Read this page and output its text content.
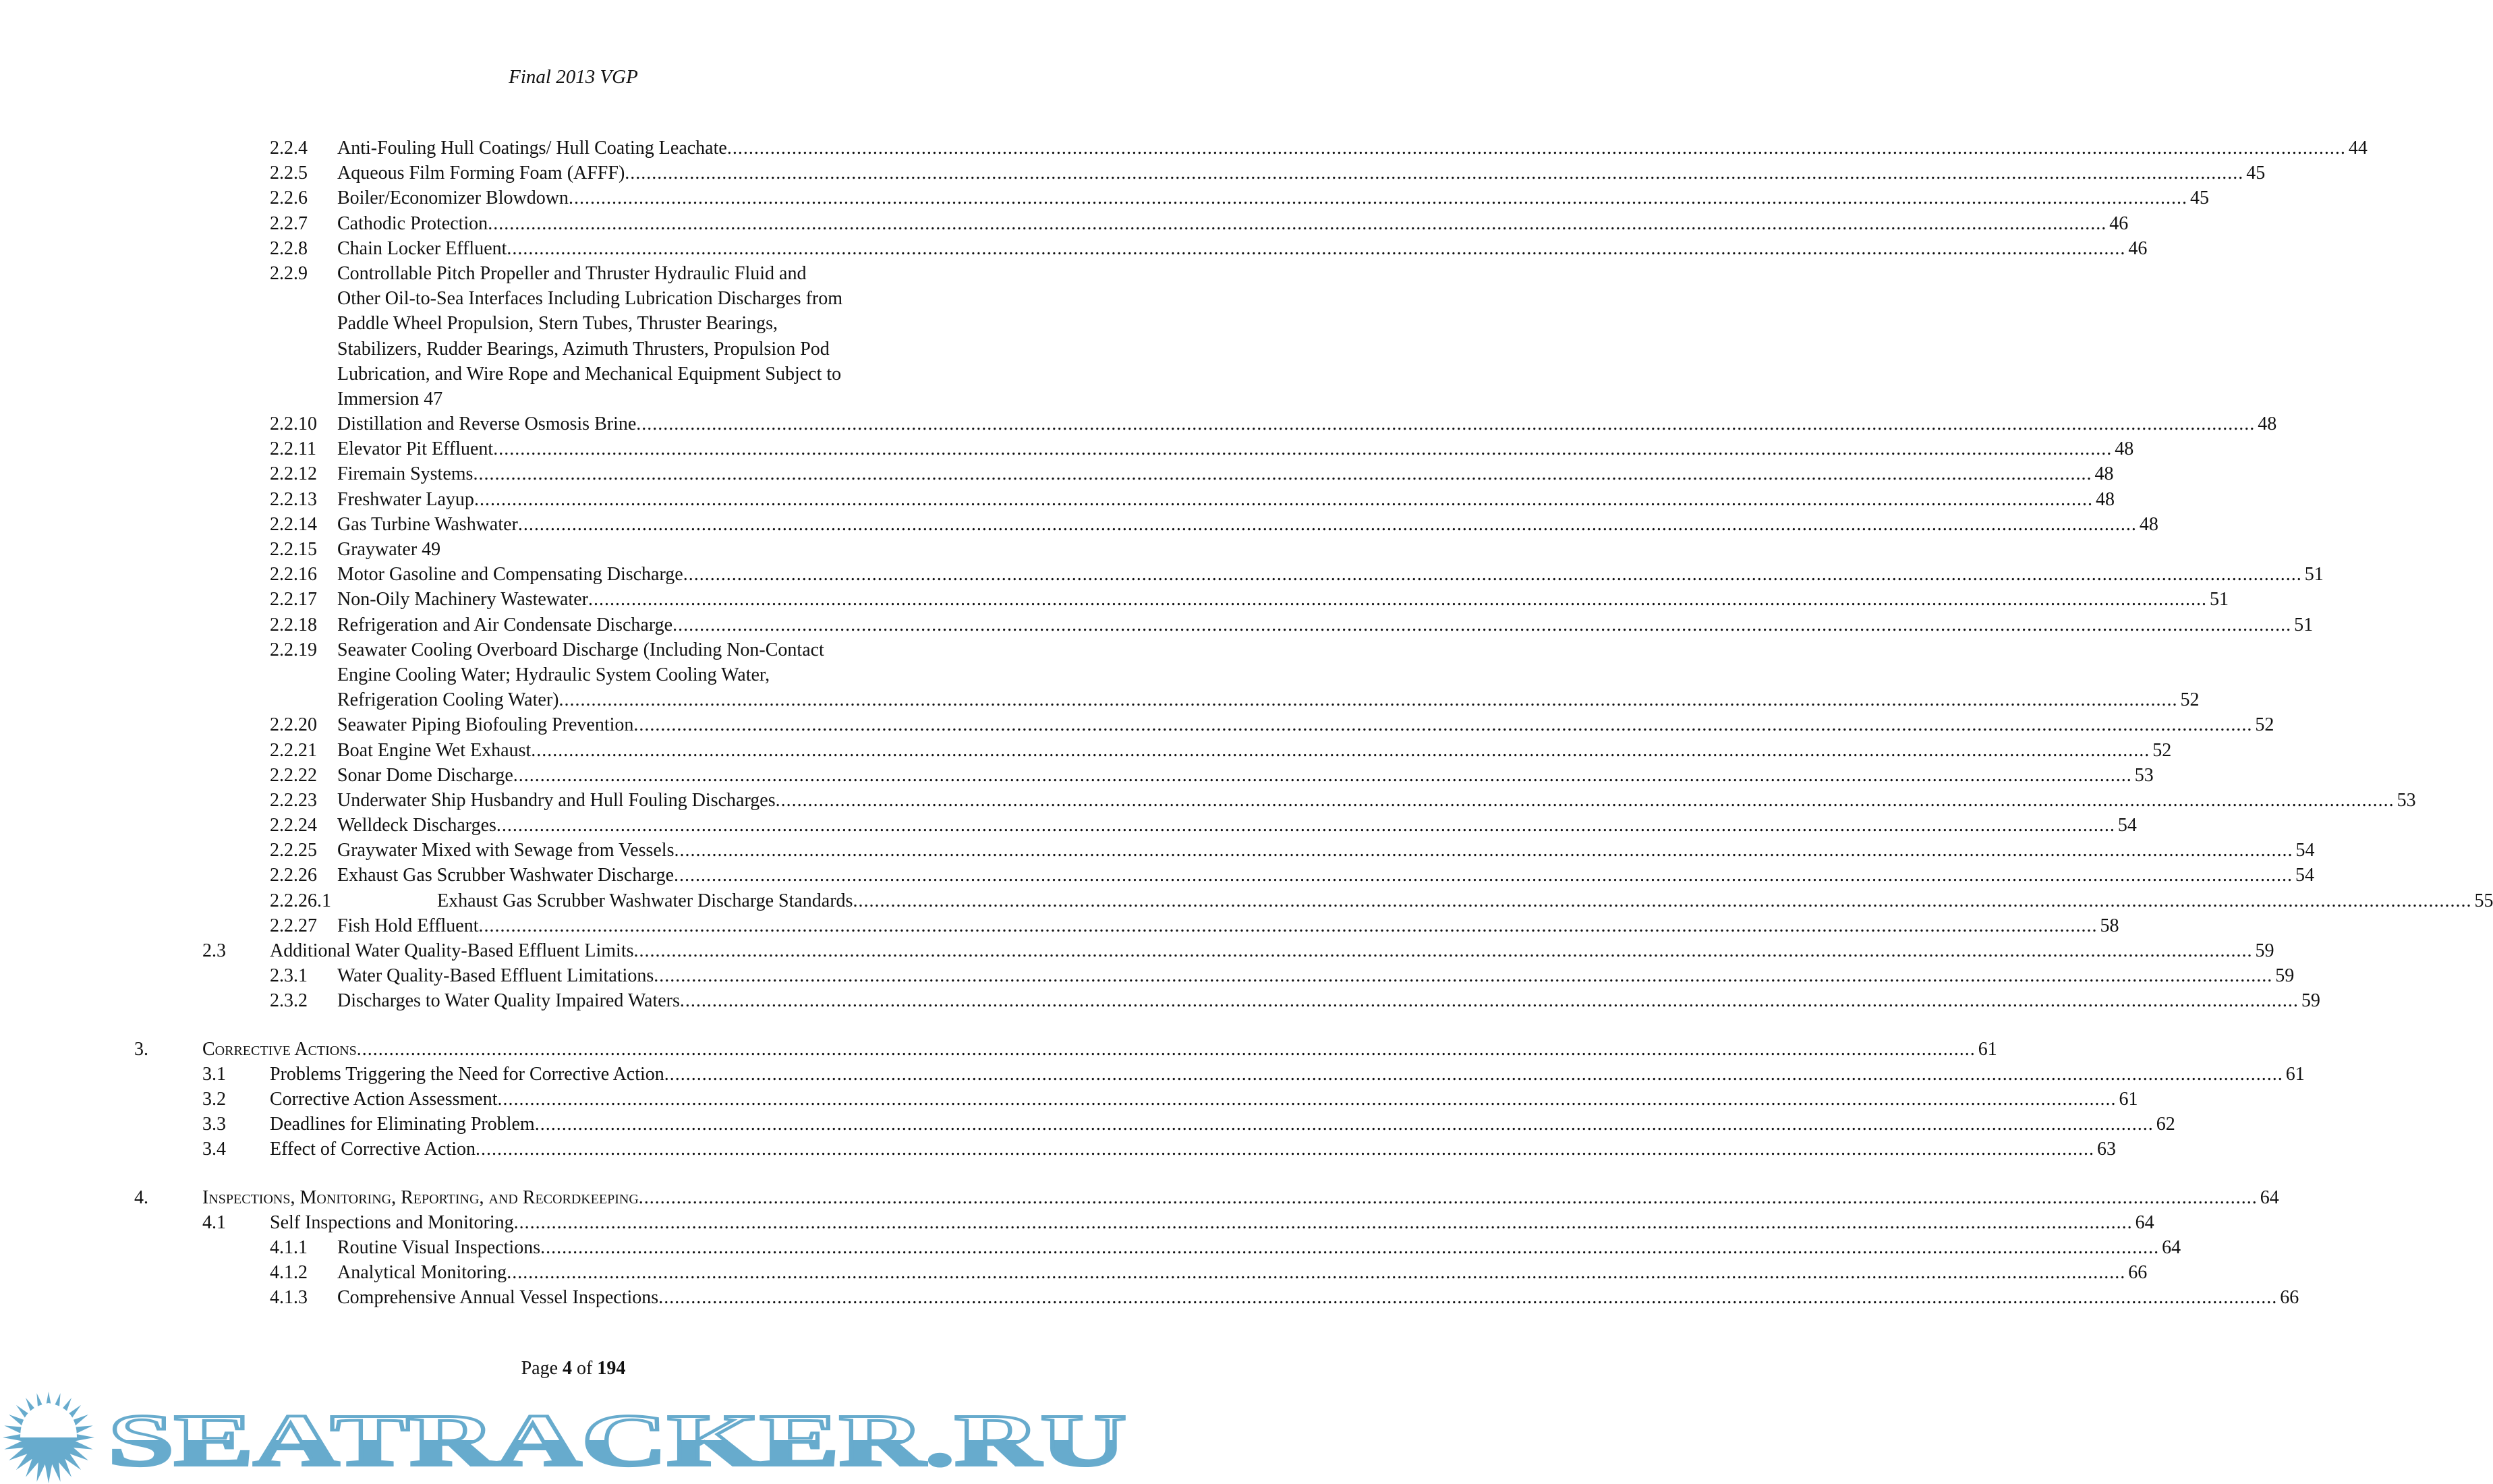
Final 2013 VGP
2.2.4 Anti-Fouling Hull Coatings/ Hull Coating Leachate ............................................................................................................................................................................................................................................................................................................ 44
2.2.5 Aqueous Film Forming Foam (AFFF) ............................................................................................................................................................................................................................................................................................................ 45
2.2.6 Boiler/Economizer Blowdown ............................................................................................................................................................................................................................................................................................................ 45
2.2.7 Cathodic Protection ............................................................................................................................................................................................................................................................................................................ 46
2.2.8 Chain Locker Effluent ............................................................................................................................................................................................................................................................................................................ 46
2.2.9 Controllable Pitch Propeller and Thruster Hydraulic Fluid and
Other Oil-to-Sea Interfaces Including Lubrication Discharges from
Paddle Wheel Propulsion, Stern Tubes, Thruster Bearings,
Stabilizers, Rudder Bearings, Azimuth Thrusters, Propulsion Pod
Lubrication, and Wire Rope and Mechanical Equipment Subject to
Immersion 47
2.2.10 Distillation and Reverse Osmosis Brine ............................................................................................................................................................................................................................................................................................................ 48
2.2.11 Elevator Pit Effluent ............................................................................................................................................................................................................................................................................................................ 48
2.2.12 Firemain Systems ............................................................................................................................................................................................................................................................................................................ 48
2.2.13 Freshwater Layup ............................................................................................................................................................................................................................................................................................................ 48
2.2.14 Gas Turbine Washwater ............................................................................................................................................................................................................................................................................................................ 48
2.2.15 Graywater 49
2.2.16 Motor Gasoline and Compensating Discharge ............................................................................................................................................................................................................................................................................................................ 51
2.2.17 Non-Oily Machinery Wastewater ............................................................................................................................................................................................................................................................................................................ 51
2.2.18 Refrigeration and Air Condensate Discharge ............................................................................................................................................................................................................................................................................................................ 51
2.2.19 Seawater Cooling Overboard Discharge (Including Non-Contact
Engine Cooling Water; Hydraulic System Cooling Water,
Refrigeration Cooling Water) ............................................................................................................................................................................................................................................................................................................ 52
2.2.20 Seawater Piping Biofouling Prevention ............................................................................................................................................................................................................................................................................................................ 52
2.2.21 Boat Engine Wet Exhaust ............................................................................................................................................................................................................................................................................................................ 52
2.2.22 Sonar Dome Discharge ............................................................................................................................................................................................................................................................................................................ 53
2.2.23 Underwater Ship Husbandry and Hull Fouling Discharges ............................................................................................................................................................................................................................................................................................................ 53
2.2.24 Welldeck Discharges ............................................................................................................................................................................................................................................................................................................ 54
2.2.25 Graywater Mixed with Sewage from Vessels ............................................................................................................................................................................................................................................................................................................ 54
2.2.26 Exhaust Gas Scrubber Washwater Discharge ............................................................................................................................................................................................................................................................................................................ 54
2.2.26.1	Exhaust Gas Scrubber Washwater Discharge Standards ............................................................................................................................................................................................................................................................................................................ 55
2.2.27 Fish Hold Effluent ............................................................................................................................................................................................................................................................................................................ 58
2.3 Additional Water Quality-Based Effluent Limits ............................................................................................................................................................................................................................................................................................................ 59
2.3.1 Water Quality-Based Effluent Limitations ............................................................................................................................................................................................................................................................................................................ 59
2.3.2 Discharges to Water Quality Impaired Waters ............................................................................................................................................................................................................................................................................................................ 59
3.	Corrective Actions ............................................................................................................................................................................................................................................................................................................ 61
3.1 Problems Triggering the Need for Corrective Action ............................................................................................................................................................................................................................................................................................................ 61
3.2 Corrective Action Assessment ............................................................................................................................................................................................................................................................................................................ 61
3.3 Deadlines for Eliminating Problem ............................................................................................................................................................................................................................................................................................................ 62
3.4 Effect of Corrective Action ............................................................................................................................................................................................................................................................................................................ 63
4.	Inspections, Monitoring, Reporting, and Recordkeeping ............................................................................................................................................................................................................................................................................................................ 64
4.1 Self Inspections and Monitoring ............................................................................................................................................................................................................................................................................................................ 64
4.1.1 Routine Visual Inspections ............................................................................................................................................................................................................................................................................................................ 64
4.1.2 Analytical Monitoring ............................................................................................................................................................................................................................................................................................................ 66
4.1.3 Comprehensive Annual Vessel Inspections ............................................................................................................................................................................................................................................................................................................ 66
Page 4 of 194
SEATRACKER.RU
